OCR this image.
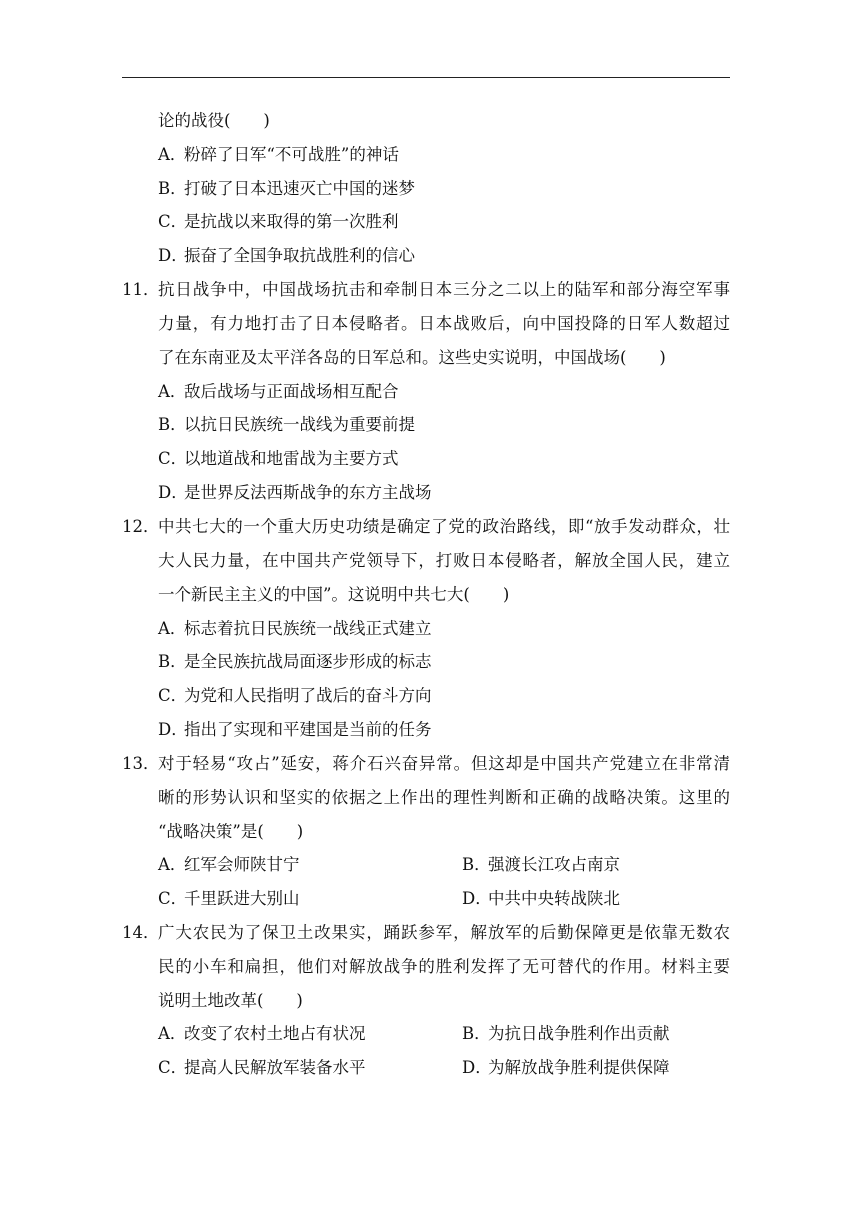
论的战役(　　)
A．粉碎了日军“不可战胜”的神话
B．打破了日本迅速灭亡中国的迷梦
C．是抗战以来取得的第一次胜利
D．振奋了全国争取抗战胜利的信心
11．
抗日战争中，中国战场抗击和牵制日本三分之二以上的陆军和部分海空军事
力量，有力地打击了日本侵略者。日本战败后，向中国投降的日军人数超过
了在东南亚及太平洋各岛的日军总和。这些史实说明，中国战场(　　)
A．敌后战场与正面战场相互配合
B．以抗日民族统一战线为重要前提
C．以地道战和地雷战为主要方式
D．是世界反法西斯战争的东方主战场
12．
中共七大的一个重大历史功绩是确定了党的政治路线，即“放手发动群众，壮
大人民力量，在中国共产党领导下，打败日本侵略者，解放全国人民，建立
一个新民主主义的中国”。这说明中共七大(　　)
A．标志着抗日民族统一战线正式建立
B．是全民族抗战局面逐步形成的标志
C．为党和人民指明了战后的奋斗方向
D．指出了实现和平建国是当前的任务
13．
对于轻易“攻占”延安，蒋介石兴奋异常。但这却是中国共产党建立在非常清
晰的形势认识和坚实的依据之上作出的理性判断和正确的战略决策。这里的
“战略决策”是(　　)
A．红军会师陕甘宁	B．强渡长江攻占南京
C．千里跃进大别山	D．中共中央转战陕北
14．
广大农民为了保卫土改果实，踊跃参军，解放军的后勤保障更是依靠无数农
民的小车和扁担，他们对解放战争的胜利发挥了无可替代的作用。材料主要
说明土地改革(　　)
A．改变了农村土地占有状况	B．为抗日战争胜利作出贡献
C．提高人民解放军装备水平	D．为解放战争胜利提供保障
